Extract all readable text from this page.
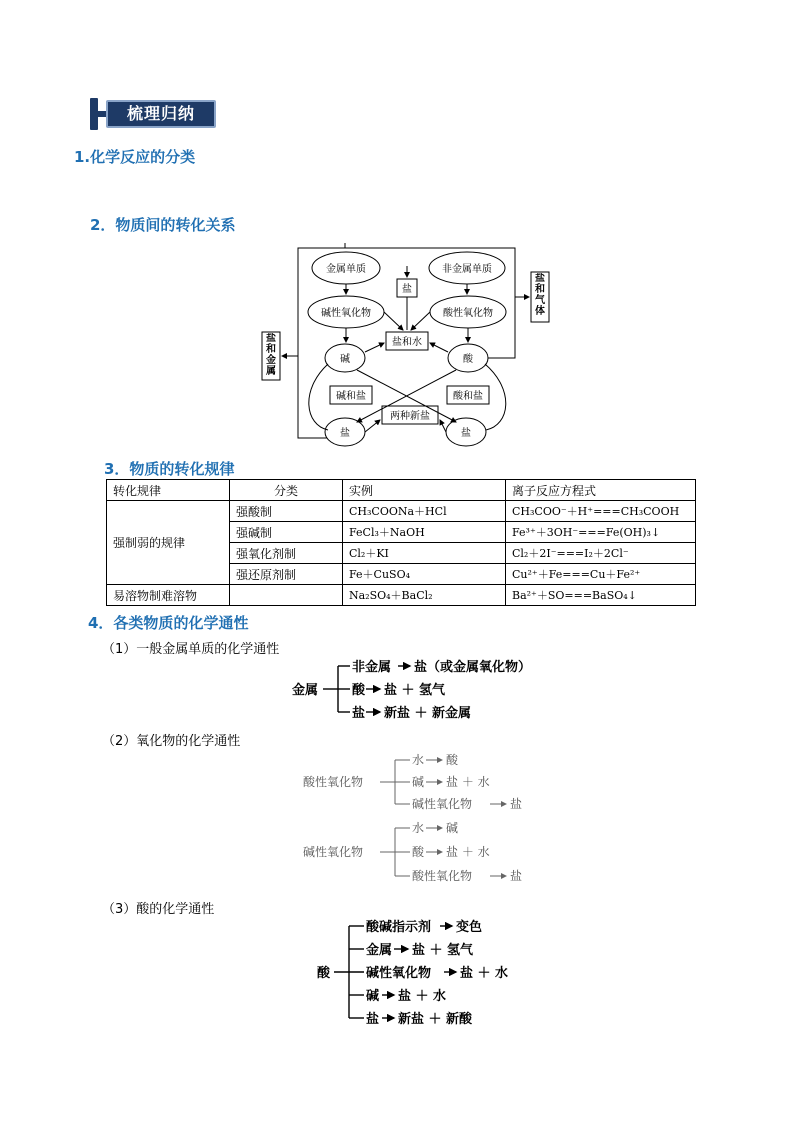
梳理归纳
1.化学反应的分类
2．物质间的转化关系
金属单质	非金属单质
盐
碱性氧化物	酸性氧化物
盐和水
碱	酸
碱和盐	酸和盐
两种新盐
盐	盐
盐和金属
盐和气体
3．物质的转化规律
转化规律	分类	实例	离子反应方程式
强制弱的规律	强酸制	CH₃COONa＋HCl	CH₃COO⁻＋H⁺===CH₃COOH
	强碱制	FeCl₃＋NaOH	Fe³⁺＋3OH⁻===Fe(OH)₃↓
	强氧化剂制	Cl₂＋KI	Cl₂＋2I⁻===I₂＋2Cl⁻
	强还原剂制	Fe＋CuSO₄	Cu²⁺＋Fe===Cu＋Fe²⁺
易溶物制难溶物		Na₂SO₄＋BaCl₂	Ba²⁺＋SO===BaSO₄↓
4．各类物质的化学通性
（1）一般金属单质的化学通性
金属
非金属 盐（或金属氧化物）
酸 盐 ＋ 氢气
盐 新盐 ＋ 新金属
（2）氧化物的化学通性
酸性氧化物
水 酸
碱 盐 ＋ 水
碱性氧化物	盐
碱性氧化物
水 碱
酸 盐 ＋ 水
酸性氧化物	盐
（3）酸的化学通性
酸
酸碱指示剂 变色
金属 盐 ＋ 氢气
碱性氧化物 盐 ＋ 水
碱 盐 ＋ 水
盐 新盐 ＋ 新酸
